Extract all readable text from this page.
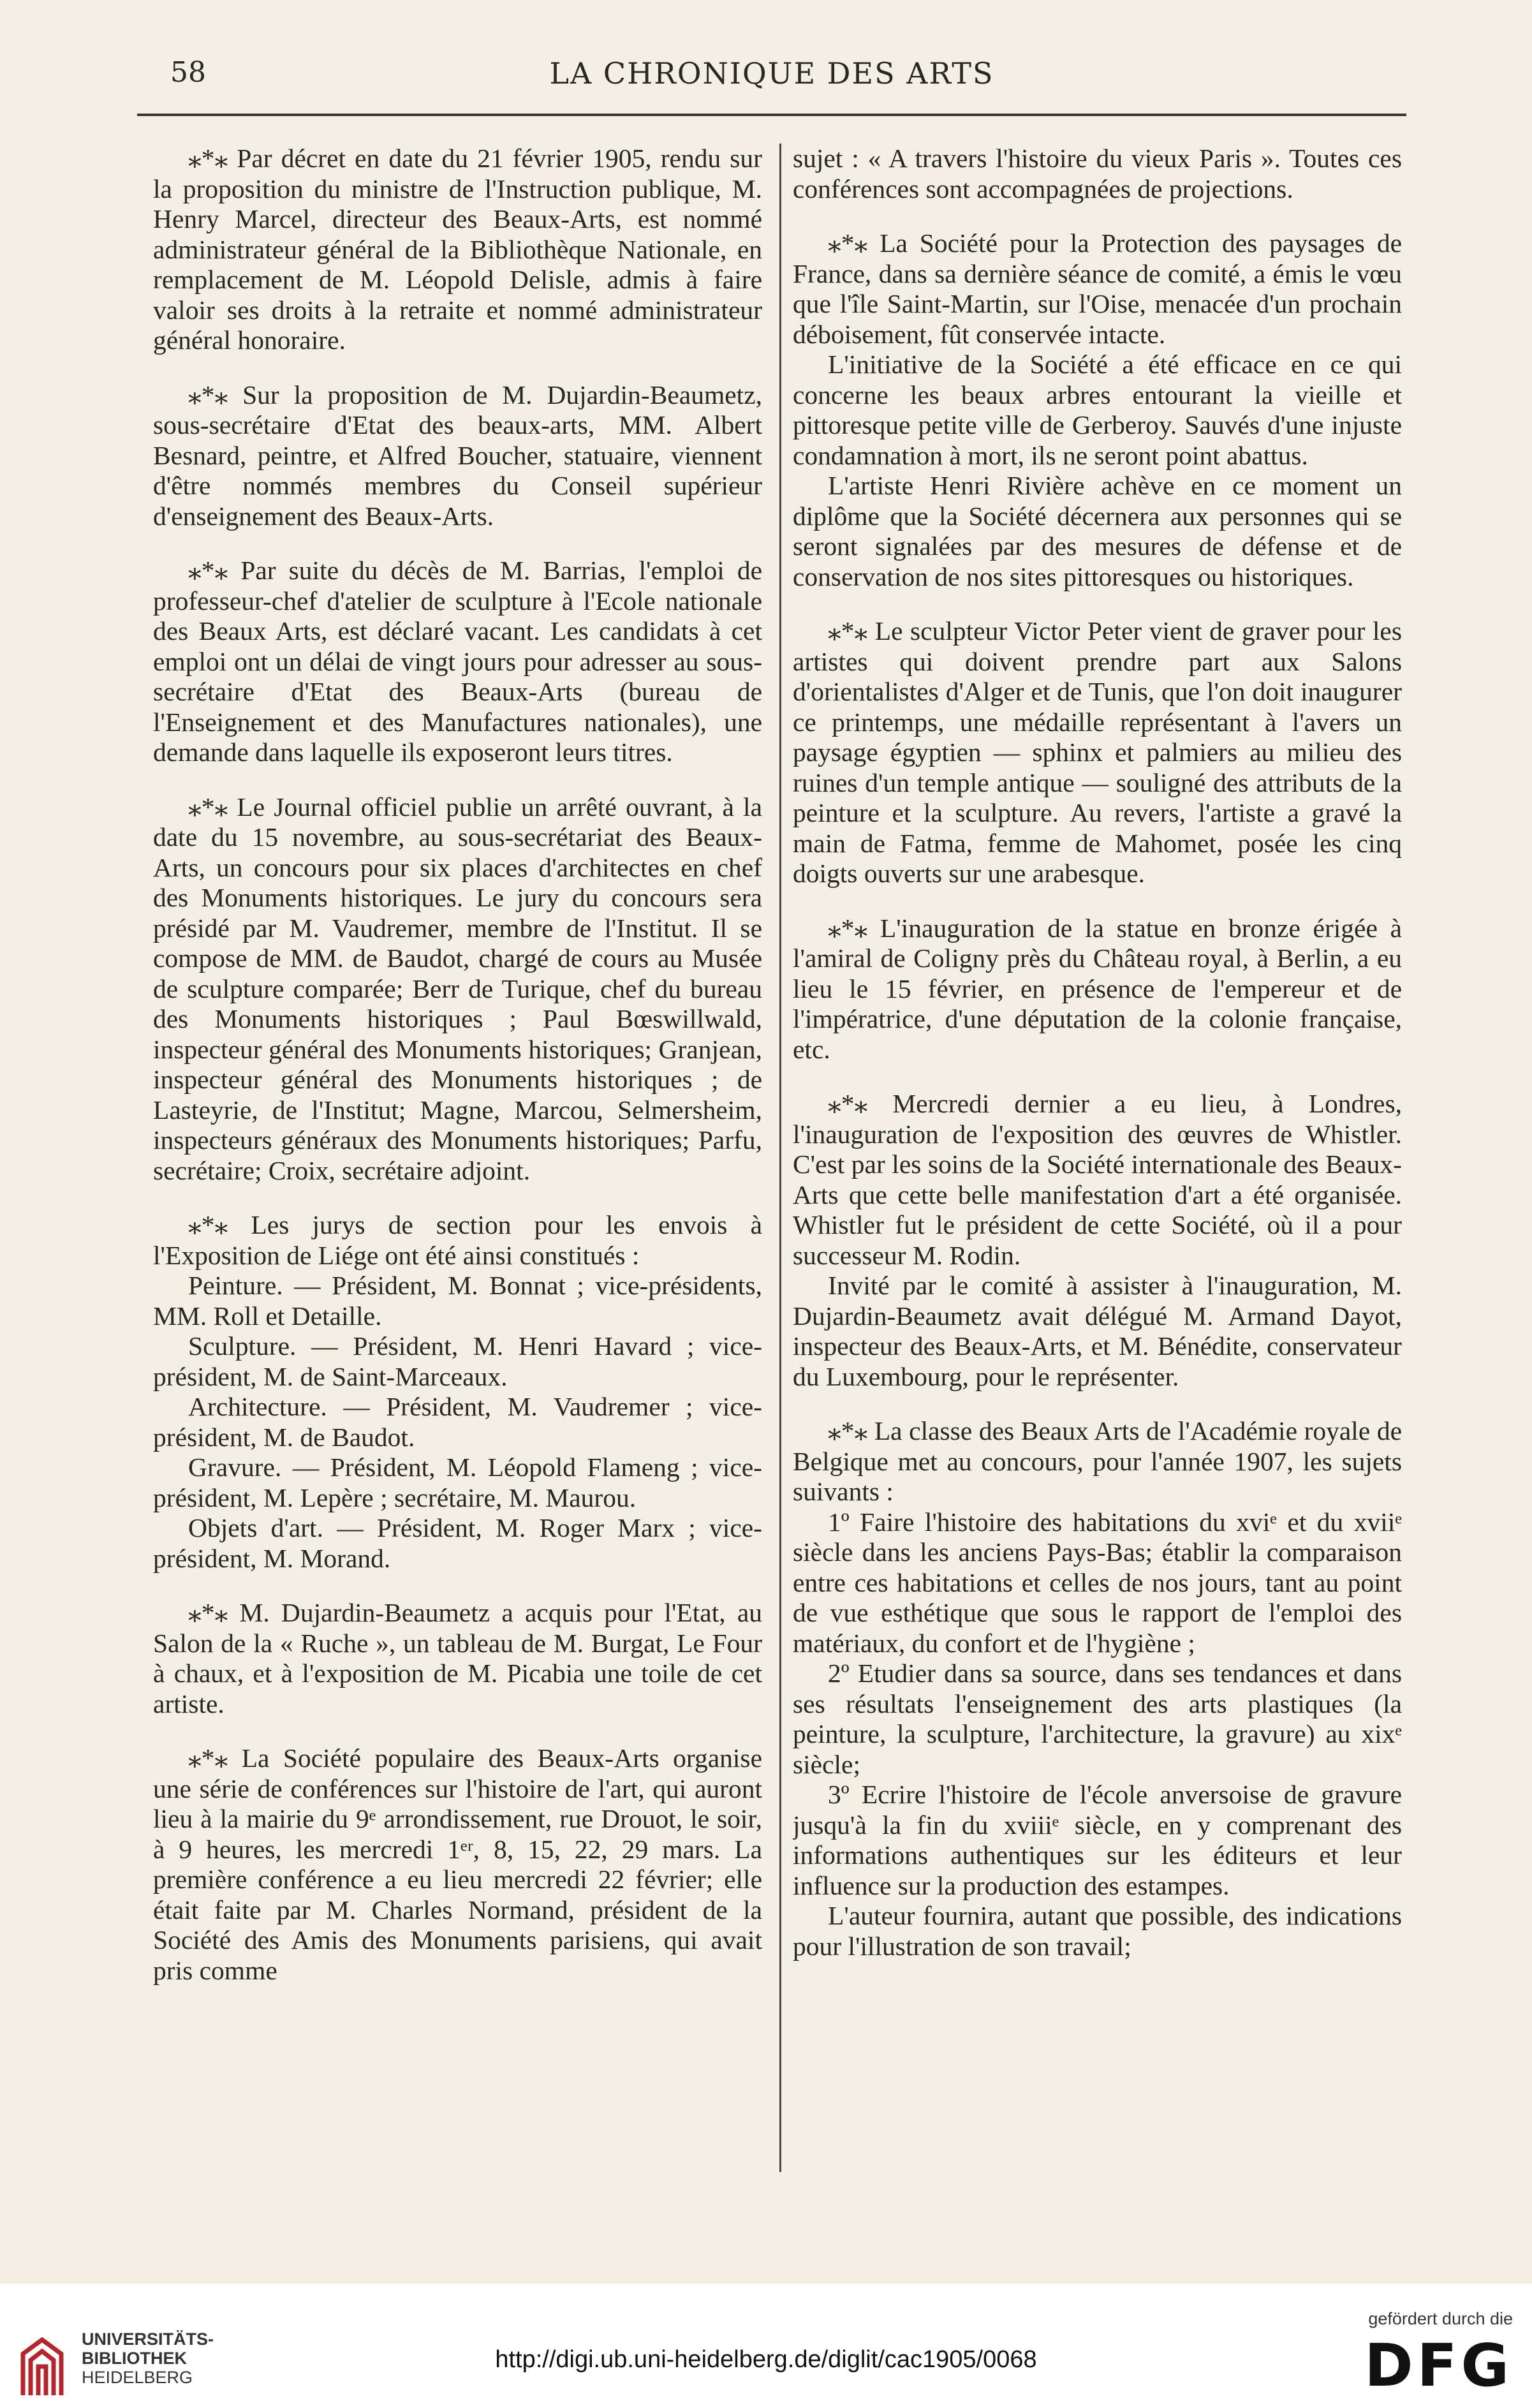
58	LA CHRONIQUE DES ARTS

⁎*⁎ Par décret en date du 21 février 1905, rendu sur la proposition du ministre de l'Instruction publique, M. Henry Marcel, directeur des Beaux-Arts, est nommé administrateur général de la Bibliothèque Nationale, en remplacement de M. Léopold Delisle, admis à faire valoir ses droits à la retraite et nommé administrateur général honoraire.

⁎*⁎ Sur la proposition de M. Dujardin-Beaumetz, sous-secrétaire d'Etat des beaux-arts, MM. Albert Besnard, peintre, et Alfred Boucher, statuaire, viennent d'être nommés membres du Conseil supérieur d'enseignement des Beaux-Arts.

⁎*⁎ Par suite du décès de M. Barrias, l'emploi de professeur-chef d'atelier de sculpture à l'Ecole nationale des Beaux Arts, est déclaré vacant. Les candidats à cet emploi ont un délai de vingt jours pour adresser au sous-secrétaire d'Etat des Beaux-Arts (bureau de l'Enseignement et des Manufactures nationales), une demande dans laquelle ils exposeront leurs titres.

⁎*⁎ Le Journal officiel publie un arrêté ouvrant, à la date du 15 novembre, au sous-secrétariat des Beaux-Arts, un concours pour six places d'architectes en chef des Monuments historiques. Le jury du concours sera présidé par M. Vaudremer, membre de l'Institut. Il se compose de MM. de Baudot, chargé de cours au Musée de sculpture comparée; Berr de Turique, chef du bureau des Monuments historiques ; Paul Bœswillwald, inspecteur général des Monuments historiques; Granjean, inspecteur général des Monuments historiques ; de Lasteyrie, de l'Institut; Magne, Marcou, Selmersheim, inspecteurs généraux des Monuments historiques; Parfu, secrétaire; Croix, secrétaire adjoint.

⁎*⁎ Les jurys de section pour les envois à l'Exposition de Liége ont été ainsi constitués :

Peinture. — Président, M. Bonnat ; vice-présidents, MM. Roll et Detaille.

Sculpture. — Président, M. Henri Havard ; vice-président, M. de Saint-Marceaux.

Architecture. — Président, M. Vaudremer ; vice-président, M. de Baudot.

Gravure. — Président, M. Léopold Flameng ; vice-président, M. Lepère ; secrétaire, M. Maurou.

Objets d'art. — Président, M. Roger Marx ; vice-président, M. Morand.

⁎*⁎ M. Dujardin-Beaumetz a acquis pour l'Etat, au Salon de la « Ruche », un tableau de M. Burgat, Le Four à chaux, et à l'exposition de M. Picabia une toile de cet artiste.

⁎*⁎ La Société populaire des Beaux-Arts organise une série de conférences sur l'histoire de l'art, qui auront lieu à la mairie du 9ᵉ arrondissement, rue Drouot, le soir, à 9 heures, les mercredi 1ᵉʳ, 8, 15, 22, 29 mars. La première conférence a eu lieu mercredi 22 février; elle était faite par M. Charles Normand, président de la Société des Amis des Monuments parisiens, qui avait pris comme

sujet : « A travers l'histoire du vieux Paris ». Toutes ces conférences sont accompagnées de projections.

⁎*⁎ La Société pour la Protection des paysages de France, dans sa dernière séance de comité, a émis le vœu que l'île Saint-Martin, sur l'Oise, menacée d'un prochain déboisement, fût conservée intacte.

L'initiative de la Société a été efficace en ce qui concerne les beaux arbres entourant la vieille et pittoresque petite ville de Gerberoy. Sauvés d'une injuste condamnation à mort, ils ne seront point abattus.

L'artiste Henri Rivière achève en ce moment un diplôme que la Société décernera aux personnes qui se seront signalées par des mesures de défense et de conservation de nos sites pittoresques ou historiques.

⁎*⁎ Le sculpteur Victor Peter vient de graver pour les artistes qui doivent prendre part aux Salons d'orientalistes d'Alger et de Tunis, que l'on doit inaugurer ce printemps, une médaille représentant à l'avers un paysage égyptien — sphinx et palmiers au milieu des ruines d'un temple antique — souligné des attributs de la peinture et la sculpture. Au revers, l'artiste a gravé la main de Fatma, femme de Mahomet, posée les cinq doigts ouverts sur une arabesque.

⁎*⁎ L'inauguration de la statue en bronze érigée à l'amiral de Coligny près du Château royal, à Berlin, a eu lieu le 15 février, en présence de l'empereur et de l'impératrice, d'une députation de la colonie française, etc.

⁎*⁎ Mercredi dernier a eu lieu, à Londres, l'inauguration de l'exposition des œuvres de Whistler. C'est par les soins de la Société internationale des Beaux-Arts que cette belle manifestation d'art a été organisée. Whistler fut le président de cette Société, où il a pour successeur M. Rodin.

Invité par le comité à assister à l'inauguration, M. Dujardin-Beaumetz avait délégué M. Armand Dayot, inspecteur des Beaux-Arts, et M. Bénédite, conservateur du Luxembourg, pour le représenter.

⁎*⁎ La classe des Beaux Arts de l'Académie royale de Belgique met au concours, pour l'année 1907, les sujets suivants :

1º Faire l'histoire des habitations du xviᵉ et du xviiᵉ siècle dans les anciens Pays-Bas; établir la comparaison entre ces habitations et celles de nos jours, tant au point de vue esthétique que sous le rapport de l'emploi des matériaux, du confort et de l'hygiène ;

2º Etudier dans sa source, dans ses tendances et dans ses résultats l'enseignement des arts plastiques (la peinture, la sculpture, l'architecture, la gravure) au xixᵉ siècle;

3º Ecrire l'histoire de l'école anversoise de gravure jusqu'à la fin du xviiiᵉ siècle, en y comprenant des informations authentiques sur les éditeurs et leur influence sur la production des estampes.

L'auteur fournira, autant que possible, des indications pour l'illustration de son travail;

UNIVERSITÄTS-
BIBLIOTHEK
HEIDELBERG
http://digi.ub.uni-heidelberg.de/diglit/cac1905/0068
gefördert durch die
DFG
